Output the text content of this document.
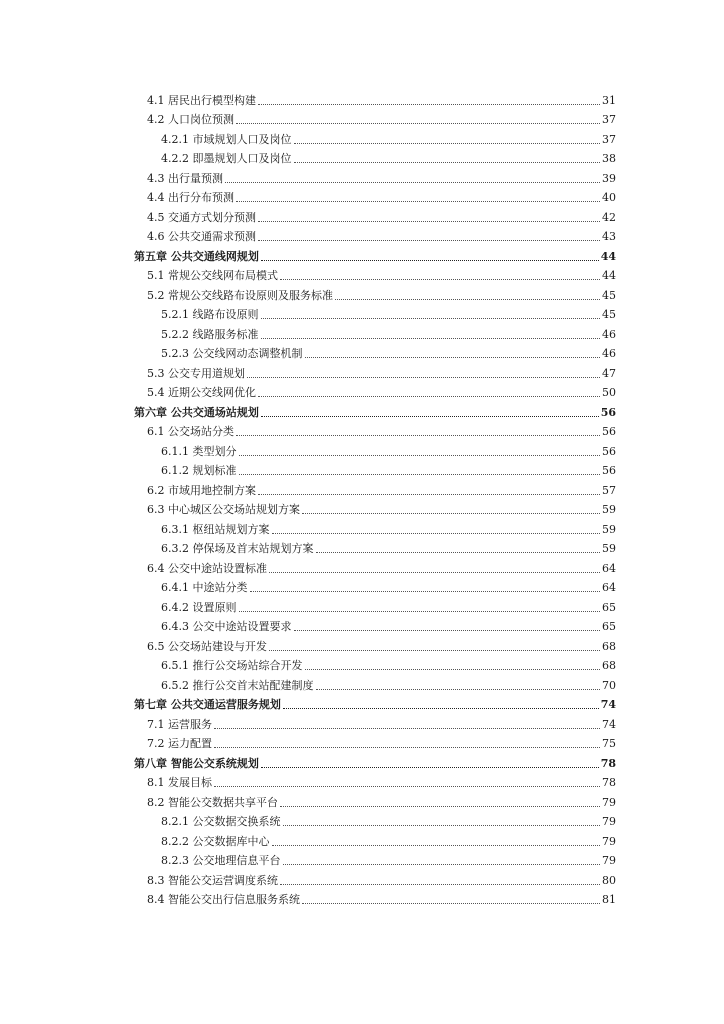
4.1 居民出行模型构建	31
4.2 人口岗位预测	37
4.2.1 市域规划人口及岗位	37
4.2.2 即墨规划人口及岗位	38
4.3 出行量预测	39
4.4 出行分布预测	40
4.5 交通方式划分预测	42
4.6 公共交通需求预测	43
第五章 公共交通线网规划	44
5.1 常规公交线网布局模式	44
5.2 常规公交线路布设原则及服务标准	45
5.2.1 线路布设原则	45
5.2.2 线路服务标准	46
5.2.3 公交线网动态调整机制	46
5.3 公交专用道规划	47
5.4 近期公交线网优化	50
第六章 公共交通场站规划	56
6.1 公交场站分类	56
6.1.1 类型划分	56
6.1.2 规划标准	56
6.2 市域用地控制方案	57
6.3 中心城区公交场站规划方案	59
6.3.1 枢纽站规划方案	59
6.3.2 停保场及首末站规划方案	59
6.4 公交中途站设置标准	64
6.4.1 中途站分类	64
6.4.2 设置原则	65
6.4.3 公交中途站设置要求	65
6.5 公交场站建设与开发	68
6.5.1 推行公交场站综合开发	68
6.5.2 推行公交首末站配建制度	70
第七章 公共交通运营服务规划	74
7.1 运营服务	74
7.2 运力配置	75
第八章 智能公交系统规划	78
8.1 发展目标	78
8.2 智能公交数据共享平台	79
8.2.1 公交数据交换系统	79
8.2.2 公交数据库中心	79
8.2.3 公交地理信息平台	79
8.3 智能公交运营调度系统	80
8.4 智能公交出行信息服务系统	81
